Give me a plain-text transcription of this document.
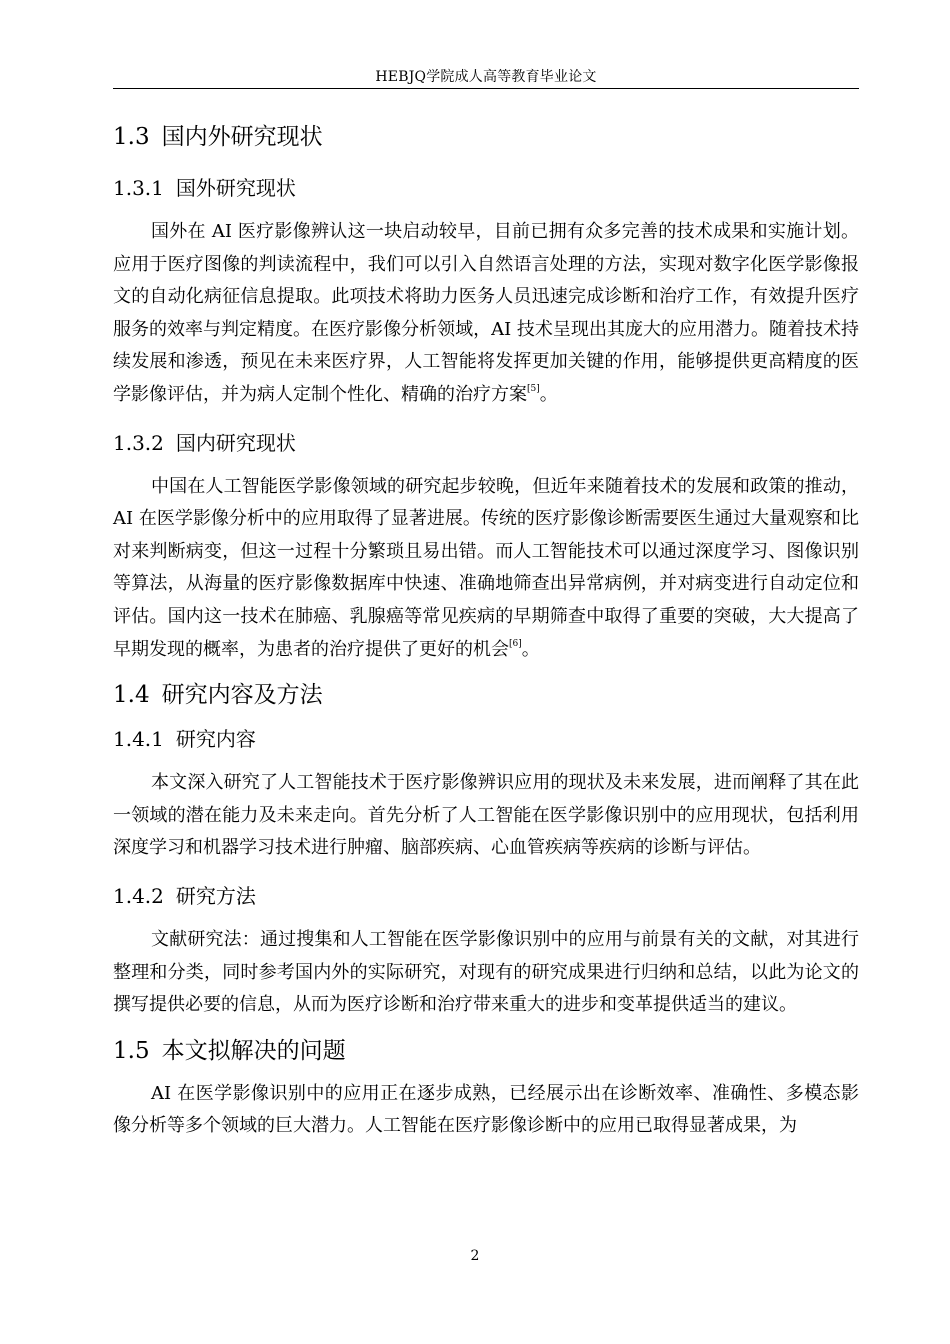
HEBJQ学院成人高等教育毕业论文
1.3 国内外研究现状
1.3.1 国外研究现状

国外在 AI 医疗影像辨认这一块启动较早，目前已拥有众多完善的技术成果和实施计划。应用于医疗图像的判读流程中，我们可以引入自然语言处理的方法，实现对数字化医学影像报文的自动化病征信息提取。此项技术将助力医务人员迅速完成诊断和治疗工作，有效提升医疗服务的效率与判定精度。在医疗影像分析领域，AI 技术呈现出其庞大的应用潜力。随着技术持续发展和渗透，预见在未来医疗界，人工智能将发挥更加关键的作用，能够提供更高精度的医学影像评估，并为病人定制个性化、精确的治疗方案[5]。

1.3.2 国内研究现状

中国在人工智能医学影像领域的研究起步较晚，但近年来随着技术的发展和政策的推动，AI 在医学影像分析中的应用取得了显著进展。传统的医疗影像诊断需要医生通过大量观察和比对来判断病变，但这一过程十分繁琐且易出错。而人工智能技术可以通过深度学习、图像识别等算法，从海量的医疗影像数据库中快速、准确地筛查出异常病例，并对病变进行自动定位和评估。国内这一技术在肺癌、乳腺癌等常见疾病的早期筛查中取得了重要的突破，大大提高了早期发现的概率，为患者的治疗提供了更好的机会[6]。

1.4 研究内容及方法
1.4.1 研究内容

本文深入研究了人工智能技术于医疗影像辨识应用的现状及未来发展，进而阐释了其在此一领域的潜在能力及未来走向。首先分析了人工智能在医学影像识别中的应用现状，包括利用深度学习和机器学习技术进行肿瘤、脑部疾病、心血管疾病等疾病的诊断与评估。

1.4.2 研究方法

文献研究法：通过搜集和人工智能在医学影像识别中的应用与前景有关的文献，对其进行整理和分类，同时参考国内外的实际研究，对现有的研究成果进行归纳和总结，以此为论文的撰写提供必要的信息，从而为医疗诊断和治疗带来重大的进步和变革提供适当的建议。

1.5 本文拟解决的问题

AI 在医学影像识别中的应用正在逐步成熟，已经展示出在诊断效率、准确性、多模态影像分析等多个领域的巨大潜力。人工智能在医疗影像诊断中的应用已取得显著成果，为

2
